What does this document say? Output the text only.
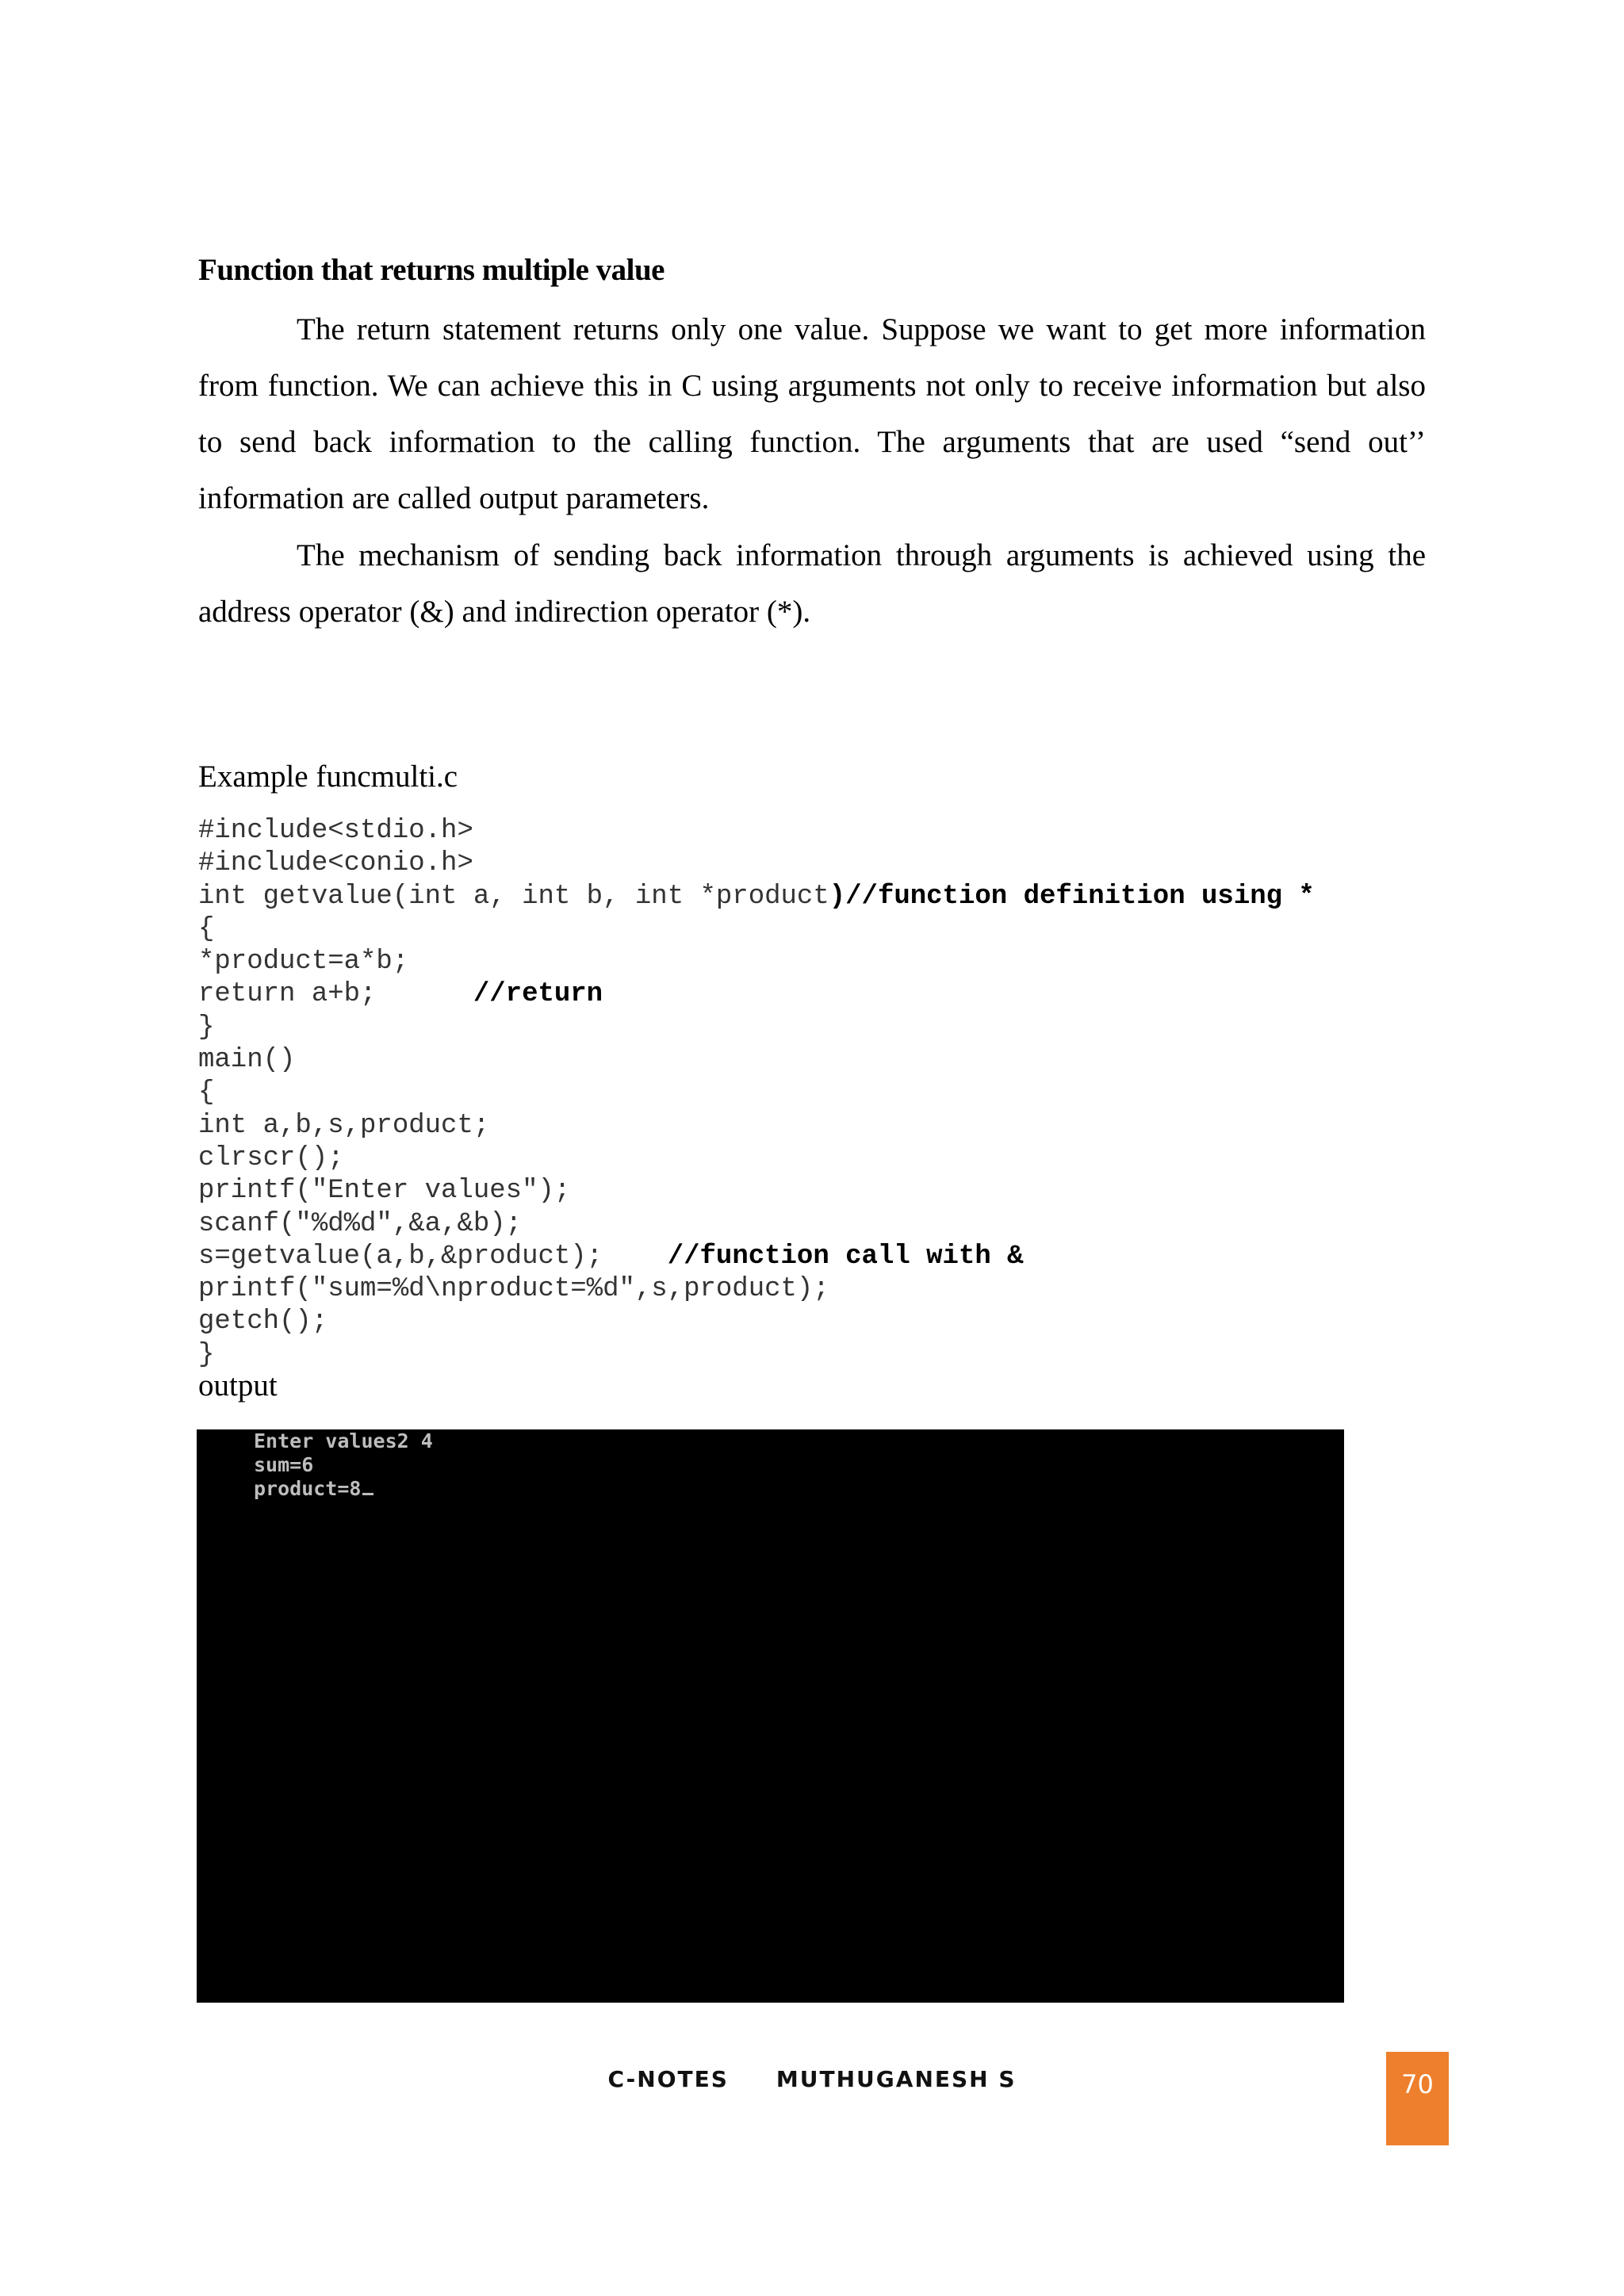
Function that returns multiple value
The return statement returns only one value. Suppose we want to get more information from function. We can achieve this in C using arguments not only to receive information but also to send back information to the calling function. The arguments that are used “send out’’ information are called output parameters.
The mechanism of sending back information through arguments is achieved using the address operator (&) and indirection operator (*).
Example funcmulti.c
#include<stdio.h>
#include<conio.h>
int getvalue(int a, int b, int *product)//function definition using *
{
*product=a*b;
return a+b;      //return
}
main()
{
int a,b,s,product;
clrscr();
printf("Enter values");
scanf("%d%d",&a,&b);
s=getvalue(a,b,&product);    //function call with &
printf("sum=%d\nproduct=%d",s,product);
getch();
}
output
Enter values2 4
sum=6
product=8
C-NOTES MUTHUGANESH S	70
